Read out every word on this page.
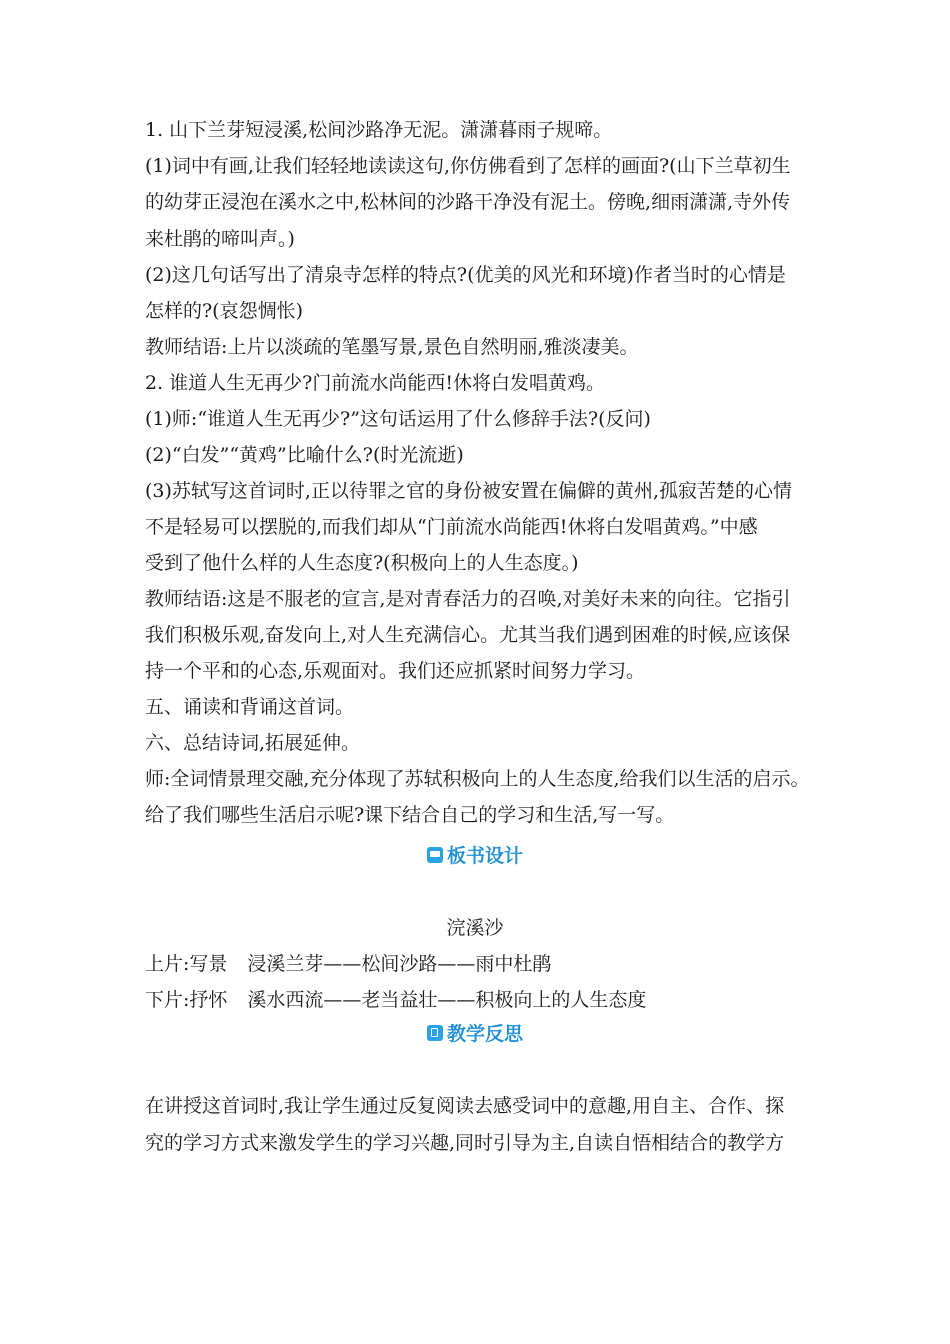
1. 山下兰芽短浸溪,松间沙路净无泥。潇潇暮雨子规啼。

(1)词中有画,让我们轻轻地读读这句,你仿佛看到了怎样的画面?(山下兰草初生

的幼芽正浸泡在溪水之中,松林间的沙路干净没有泥土。傍晚,细雨潇潇,寺外传

来杜鹃的啼叫声。)

(2)这几句话写出了清泉寺怎样的特点?(优美的风光和环境)作者当时的心情是

怎样的?(哀怨惆怅)

教师结语:上片以淡疏的笔墨写景,景色自然明丽,雅淡凄美。

2. 谁道人生无再少?门前流水尚能西!休将白发唱黄鸡。

(1)师:“谁道人生无再少?”这句话运用了什么修辞手法?(反问)

(2)“白发”“黄鸡”比喻什么?(时光流逝)

(3)苏轼写这首词时,正以待罪之官的身份被安置在偏僻的黄州,孤寂苦楚的心情

不是轻易可以摆脱的,而我们却从“门前流水尚能西!休将白发唱黄鸡。”中感

受到了他什么样的人生态度?(积极向上的人生态度。)

教师结语:这是不服老的宣言,是对青春活力的召唤,对美好未来的向往。它指引

我们积极乐观,奋发向上,对人生充满信心。尤其当我们遇到困难的时候,应该保

持一个平和的心态,乐观面对。我们还应抓紧时间努力学习。

五、诵读和背诵这首词。

六、总结诗词,拓展延伸。

师:全词情景理交融,充分体现了苏轼积极向上的人生态度,给我们以生活的启示。

给了我们哪些生活启示呢?课下结合自己的学习和生活,写一写。

板书设计

浣溪沙

上片:写景 浸溪兰芽——松间沙路——雨中杜鹃

下片:抒怀 溪水西流——老当益壮——积极向上的人生态度

教学反思

在讲授这首词时,我让学生通过反复阅读去感受词中的意趣,用自主、合作、探

究的学习方式来激发学生的学习兴趣,同时引导为主,自读自悟相结合的教学方
